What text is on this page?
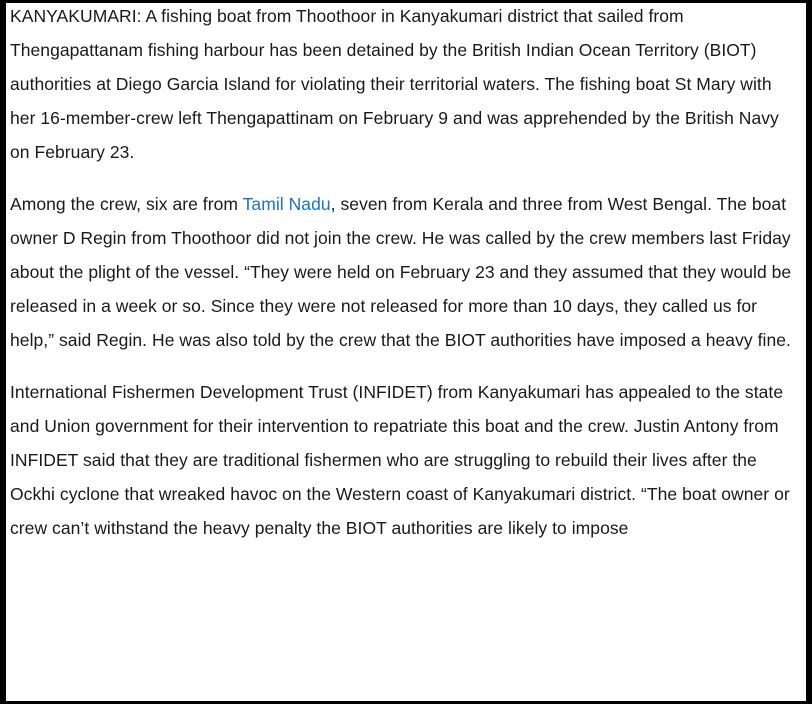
KANYAKUMARI: A fishing boat from Thoothoor in Kanyakumari district that sailed from Thengapattanam fishing harbour has been detained by the British Indian Ocean Territory (BIOT) authorities at Diego Garcia Island for violating their territorial waters. The fishing boat St Mary with her 16-member-crew left Thengapattinam on February 9 and was apprehended by the British Navy on February 23.

Among the crew, six are from Tamil Nadu, seven from Kerala and three from West Bengal. The boat owner D Regin from Thoothoor did not join the crew. He was called by the crew members last Friday about the plight of the vessel. “They were held on February 23 and they assumed that they would be released in a week or so. Since they were not released for more than 10 days, they called us for help,” said Regin. He was also told by the crew that the BIOT authorities have imposed a heavy fine.

International Fishermen Development Trust (INFIDET) from Kanyakumari has appealed to the state and Union government for their intervention to repatriate this boat and the crew. Justin Antony from INFIDET said that they are traditional fishermen who are struggling to rebuild their lives after the Ockhi cyclone that wreaked havoc on the Western coast of Kanyakumari district. “The boat owner or crew can’t withstand the heavy penalty the BIOT authorities are likely to impose
